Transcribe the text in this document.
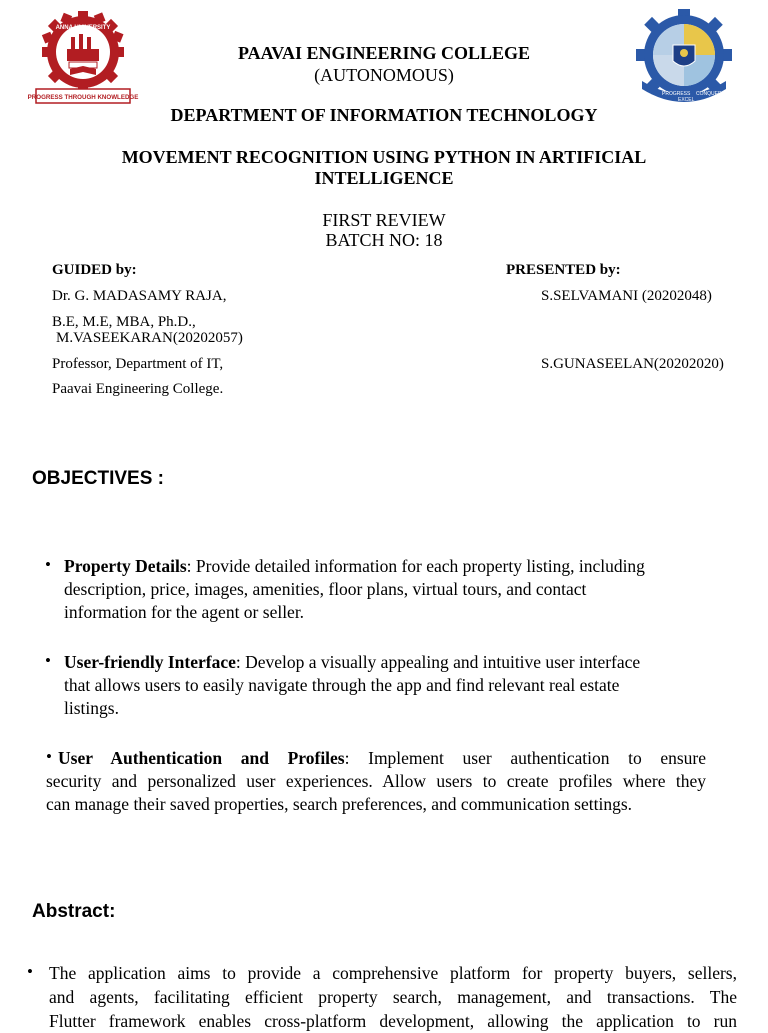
PROGRESS THROUGH KNOWLEDGE
ANNA UNIVERSITY
PROGRESS
EXCEL
CONQUER
PAAVAI ENGINEERING COLLEGE
(AUTONOMOUS)
DEPARTMENT OF INFORMATION TECHNOLOGY
MOVEMENT RECOGNITION USING PYTHON IN ARTIFICIAL INTELLIGENCE
FIRST REVIEW
BATCH NO: 18
GUIDED by:	PRESENTED by:
Dr. G. MADASAMY RAJA,	S.SELVAMANI (20202048)
B.E, M.E, MBA, Ph.D.,
M.VASEEKARAN(20202057)
Professor, Department of IT,	S.GUNASEELAN(20202020)
Paavai Engineering College.
OBJECTIVES :
• Property Details: Provide detailed information for each property listing, including
description, price, images, amenities, floor plans, virtual tours, and contact
information for the agent or seller.
• User-friendly Interface: Develop a visually appealing and intuitive user interface
that allows users to easily navigate through the app and find relevant real estate
listings.
• User Authentication and Profiles: Implement user authentication to ensure
security and personalized user experiences. Allow users to create profiles where they
can manage their saved properties, search preferences, and communication settings.
Abstract:
• The application aims to provide a comprehensive platform for property buyers, sellers,
and agents, facilitating efficient property search, management, and transactions. The
Flutter framework enables cross-platform development, allowing the application to run
